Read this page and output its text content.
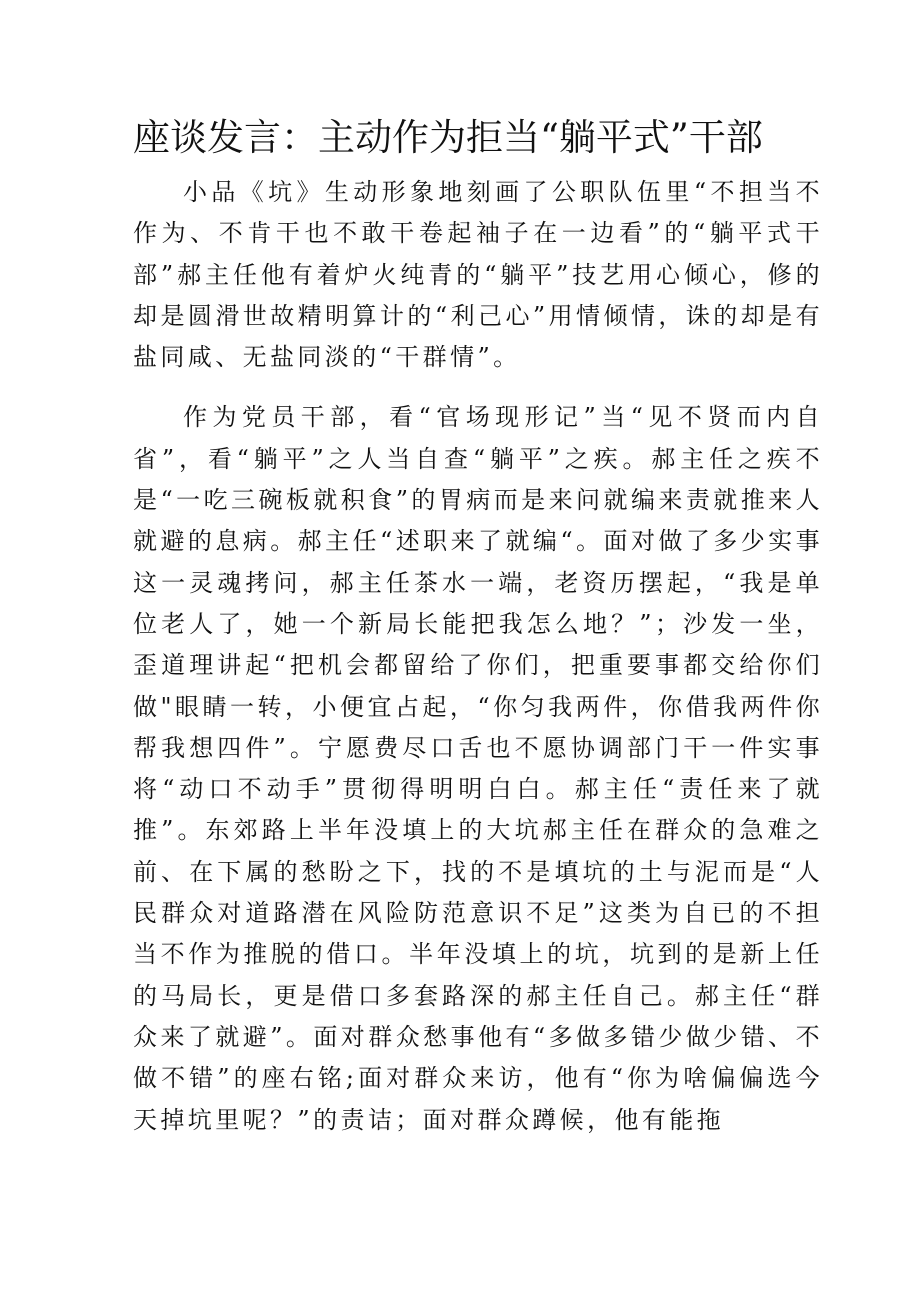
座谈发言：主动作为拒当“躺平式”干部

小品《坑》生动形象地刻画了公职队伍里“不担当不作为、不肯干也不敢干卷起袖子在一边看”的“躺平式干部”郝主任他有着炉火纯青的“躺平”技艺用心倾心，修的却是圆滑世故精明算计的“利己心”用情倾情，诛的却是有盐同咸、无盐同淡的“干群情”。

作为党员干部，看“官场现形记”当“见不贤而内自省”，看“躺平”之人当自查“躺平”之疾。郝主任之疾不是“一吃三碗板就积食”的胃病而是来问就编来责就推来人就避的息病。郝主任“述职来了就编“。面对做了多少实事这一灵魂拷问，郝主任茶水一端，老资历摆起，“我是单位老人了，她一个新局长能把我怎么地？”；沙发一坐，歪道理讲起“把机会都留给了你们，把重要事都交给你们做"眼睛一转，小便宜占起，“你匀我两件，你借我两件你帮我想四件”。宁愿费尽口舌也不愿协调部门干一件实事将“动口不动手”贯彻得明明白白。郝主任“责任来了就推”。东郊路上半年没填上的大坑郝主任在群众的急难之前、在下属的愁盼之下，找的不是填坑的土与泥而是“人民群众对道路潜在风险防范意识不足”这类为自已的不担当不作为推脱的借口。半年没填上的坑，坑到的是新上任的马局长，更是借口多套路深的郝主任自己。郝主任“群众来了就避”。面对群众愁事他有“多做多错少做少错、不做不错”的座右铭;面对群众来访，他有“你为啥偏偏选今天掉坑里呢？”的责诘；面对群众蹲候，他有能拖
